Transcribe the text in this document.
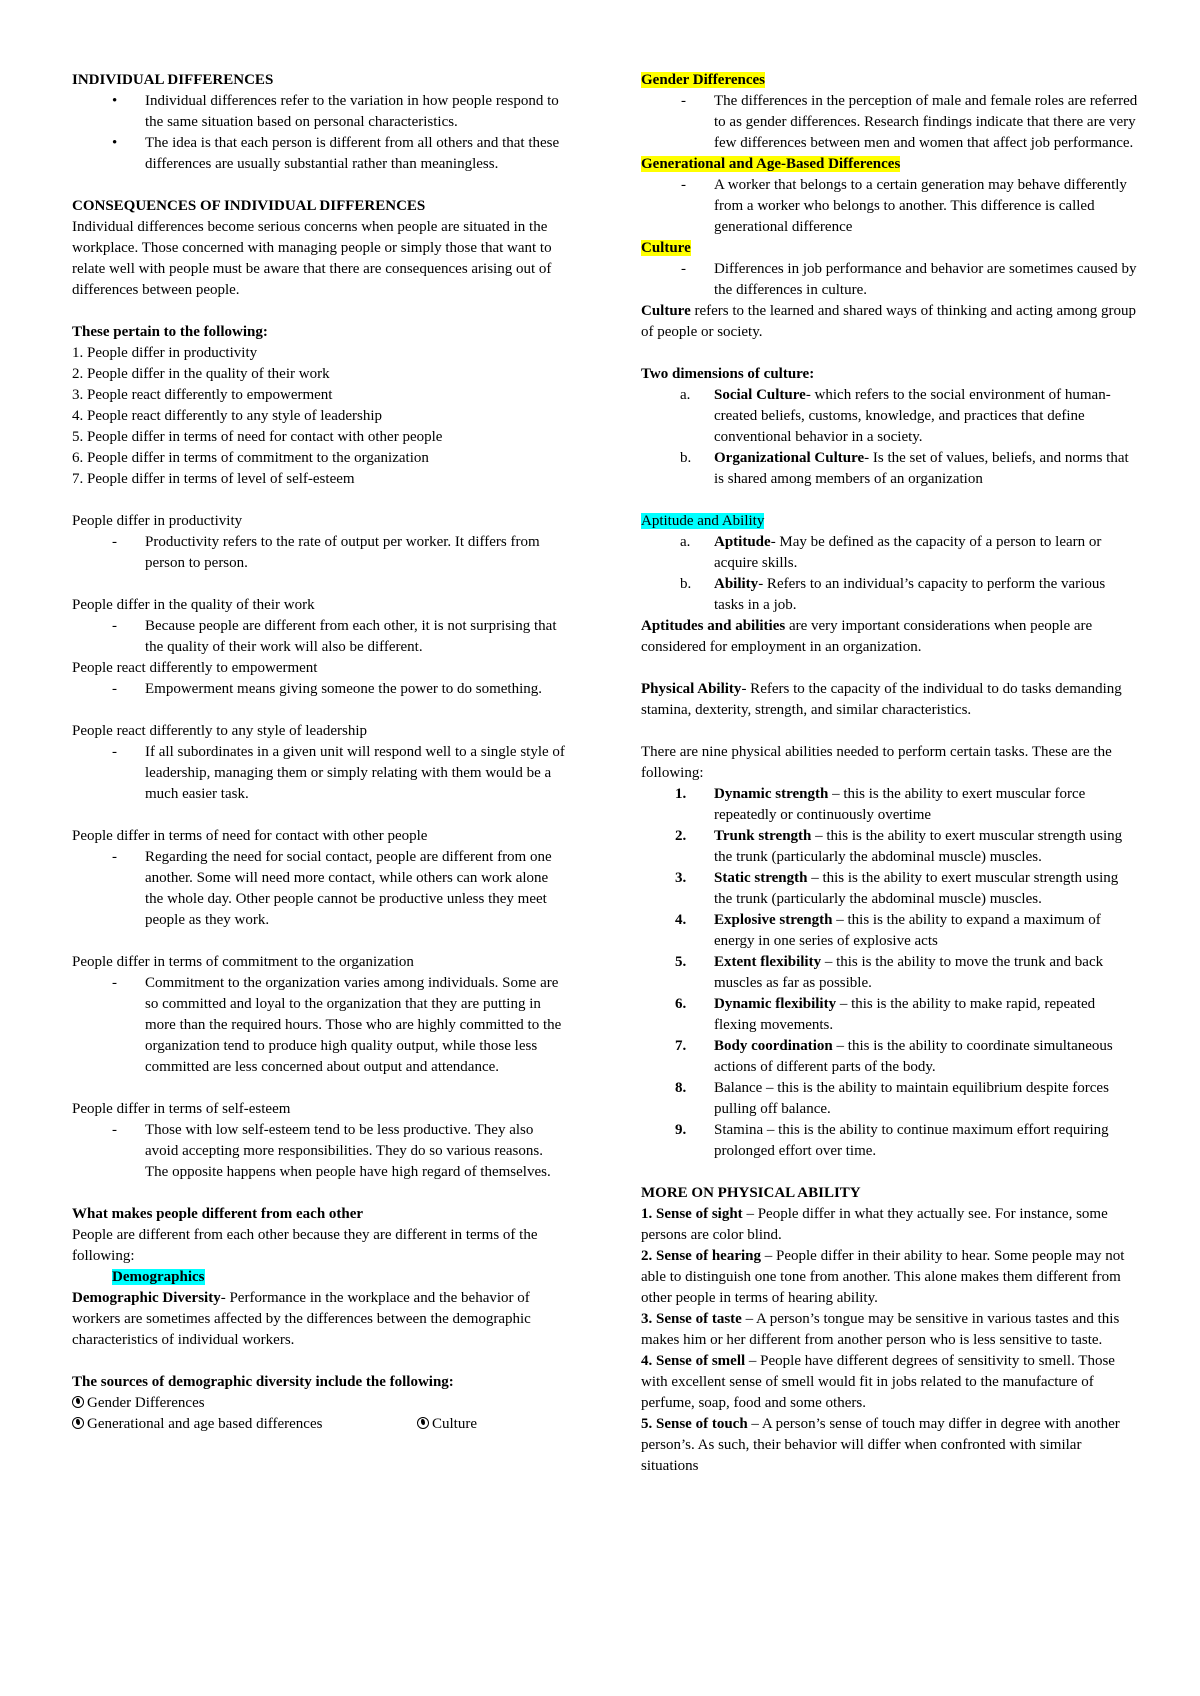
INDIVIDUAL DIFFERENCES

•	Individual differences refer to the variation in how people respond to the same situation based on personal characteristics.
•	The idea is that each person is different from all others and that these differences are usually substantial rather than meaningless.

CONSEQUENCES OF INDIVIDUAL DIFFERENCES

Individual differences become serious concerns when people are situated in the workplace. Those concerned with managing people or simply those that want to relate well with people must be aware that there are consequences arising out of differences between people.

These pertain to the following:

1. People differ in productivity

2. People differ in the quality of their work

3. People react differently to empowerment

4. People react differently to any style of leadership

5. People differ in terms of need for contact with other people

6. People differ in terms of commitment to the organization

7. People differ in terms of level of self-esteem

People differ in productivity

-	Productivity refers to the rate of output per worker. It differs from person to person.

People differ in the quality of their work

-	Because people are different from each other, it is not surprising that the quality of their work will also be different.

People react differently to empowerment

-	Empowerment means giving someone the power to do something.

People react differently to any style of leadership

-	If all subordinates in a given unit will respond well to a single style of leadership, managing them or simply relating with them would be a much easier task.

People differ in terms of need for contact with other people

-	Regarding the need for social contact, people are different from one another. Some will need more contact, while others can work alone the whole day. Other people cannot be productive unless they meet people as they work.

People differ in terms of commitment to the organization

-	Commitment to the organization varies among individuals. Some are so committed and loyal to the organization that they are putting in more than the required hours. Those who are highly committed to the organization tend to produce high quality output, while those less committed are less concerned about output and attendance.

People differ in terms of self-esteem

-	Those with low self-esteem tend to be less productive. They also avoid accepting more responsibilities. They do so various reasons. The opposite happens when people have high regard of themselves.

What makes people different from each other

People are different from each other because they are different in terms of the following:

Demographics

Demographic Diversity- Performance in the workplace and the behavior of workers are sometimes affected by the differences between the demographic characteristics of individual workers.

The sources of demographic diversity include the following:

Gender Differences

Generational and age based differences	Culture

Gender Differences

-	The differences in the perception of male and female roles are referred to as gender differences. Research findings indicate that there are very few differences between men and women that affect job performance.

Generational and Age-Based Differences

-	A worker that belongs to a certain generation may behave differently from a worker who belongs to another. This difference is called generational difference

Culture

-	Differences in job performance and behavior are sometimes caused by the differences in culture.

Culture refers to the learned and shared ways of thinking and acting among group of people or society.

Two dimensions of culture:

a.	Social Culture- which refers to the social environment of human-created beliefs, customs, knowledge, and practices that define conventional behavior in a society.
b.	Organizational Culture- Is the set of values, beliefs, and norms that is shared among members of an organization

Aptitude and Ability

a.	Aptitude- May be defined as the capacity of a person to learn or acquire skills.
b.	Ability- Refers to an individual’s capacity to perform the various tasks in a job.

Aptitudes and abilities are very important considerations when people are considered for employment in an organization.

Physical Ability- Refers to the capacity of the individual to do tasks demanding stamina, dexterity, strength, and similar characteristics.

There are nine physical abilities needed to perform certain tasks. These are the following:

1.	Dynamic strength – this is the ability to exert muscular force repeatedly or continuously overtime
2.	Trunk strength – this is the ability to exert muscular strength using the trunk (particularly the abdominal muscle) muscles.
3.	Static strength – this is the ability to exert muscular strength using the trunk (particularly the abdominal muscle) muscles.
4.	Explosive strength – this is the ability to expand a maximum of energy in one series of explosive acts
5.	Extent flexibility – this is the ability to move the trunk and back muscles as far as possible.
6.	Dynamic flexibility – this is the ability to make rapid, repeated flexing movements.
7.	Body coordination – this is the ability to coordinate simultaneous actions of different parts of the body.
8.	Balance – this is the ability to maintain equilibrium despite forces pulling off balance.
9.	Stamina – this is the ability to continue maximum effort requiring prolonged effort over time.

MORE ON PHYSICAL ABILITY

1. Sense of sight – People differ in what they actually see. For instance, some persons are color blind.

2. Sense of hearing – People differ in their ability to hear. Some people may not able to distinguish one tone from another. This alone makes them different from other people in terms of hearing ability.

3. Sense of taste – A person’s tongue may be sensitive in various tastes and this makes him or her different from another person who is less sensitive to taste.

4. Sense of smell – People have different degrees of sensitivity to smell. Those with excellent sense of smell would fit in jobs related to the manufacture of perfume, soap, food and some others.

5. Sense of touch – A person’s sense of touch may differ in degree with another person’s. As such, their behavior will differ when confronted with similar situations
